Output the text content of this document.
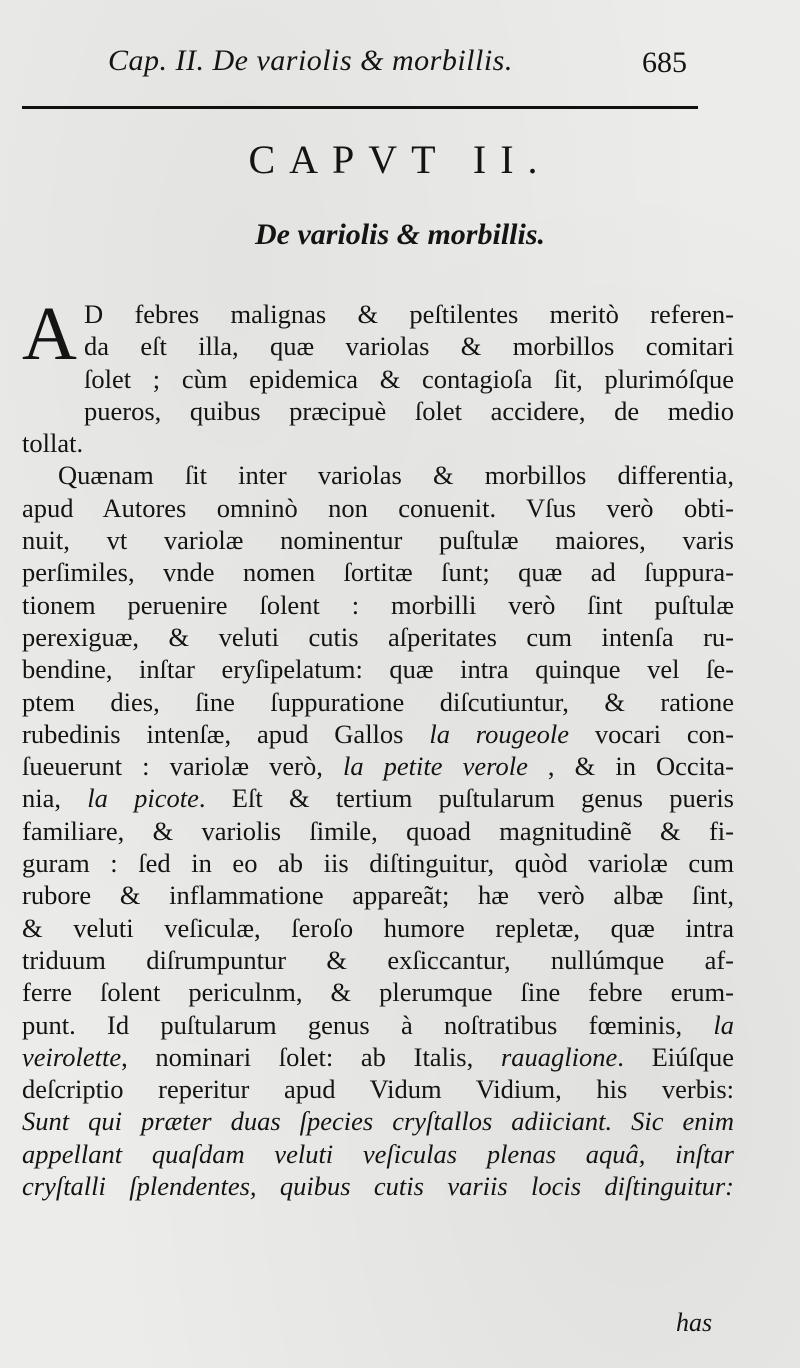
Cap. II. De variolis & morbillis.	685
CAPVT II.
De variolis & morbillis.
A D febres malignas & peſtilentes meritò referen-
da eſt illa, quæ variolas & morbillos comitari
ſolet ; cùm epidemica & contagioſa ſit, plurimóſque
pueros, quibus præcipuè ſolet accidere, de medio
tollat.
Quænam ſit inter variolas & morbillos differentia,
apud Autores omninò non conuenit. Vſus verò obti-
nuit, vt variolæ nominentur puſtulæ maiores, varis
perſimiles, vnde nomen ſortitæ ſunt; quæ ad ſuppura-
tionem peruenire ſolent : morbilli verò ſint puſtulæ
perexiguæ, & veluti cutis aſperitates cum intenſa ru-
bendine, inſtar eryſipelatum: quæ intra quinque vel ſe-
ptem dies, ſine ſuppuratione diſcutiuntur, & ratione
rubedinis intenſæ, apud Gallos la rougeole vocari con-
ſueuerunt : variolæ verò, la petite verole , & in Occita-
nia, la picote. Eſt & tertium puſtularum genus pueris
familiare, & variolis ſimile, quoad magnitudinẽ & fi-
guram : ſed in eo ab iis diſtinguitur, quòd variolæ cum
rubore & inflammatione appareãt; hæ verò albæ ſint,
& veluti veſiculæ, ſeroſo humore repletæ, quæ intra
triduum diſrumpuntur & exſiccantur, nullúmque af-
ferre ſolent periculnm, & plerumque ſine febre erum-
punt. Id puſtularum genus à noſtratibus fœminis, la
veirolette, nominari ſolet: ab Italis, rauaglione. Eiúſque
deſcriptio reperitur apud Vidum Vidium, his verbis:
Sunt qui præter duas ſpecies cryſtallos adiiciant. Sic enim
appellant quaſdam veluti veſiculas plenas aquâ, inſtar
cryſtalli ſplendentes, quibus cutis variis locis diſtinguitur:
has
